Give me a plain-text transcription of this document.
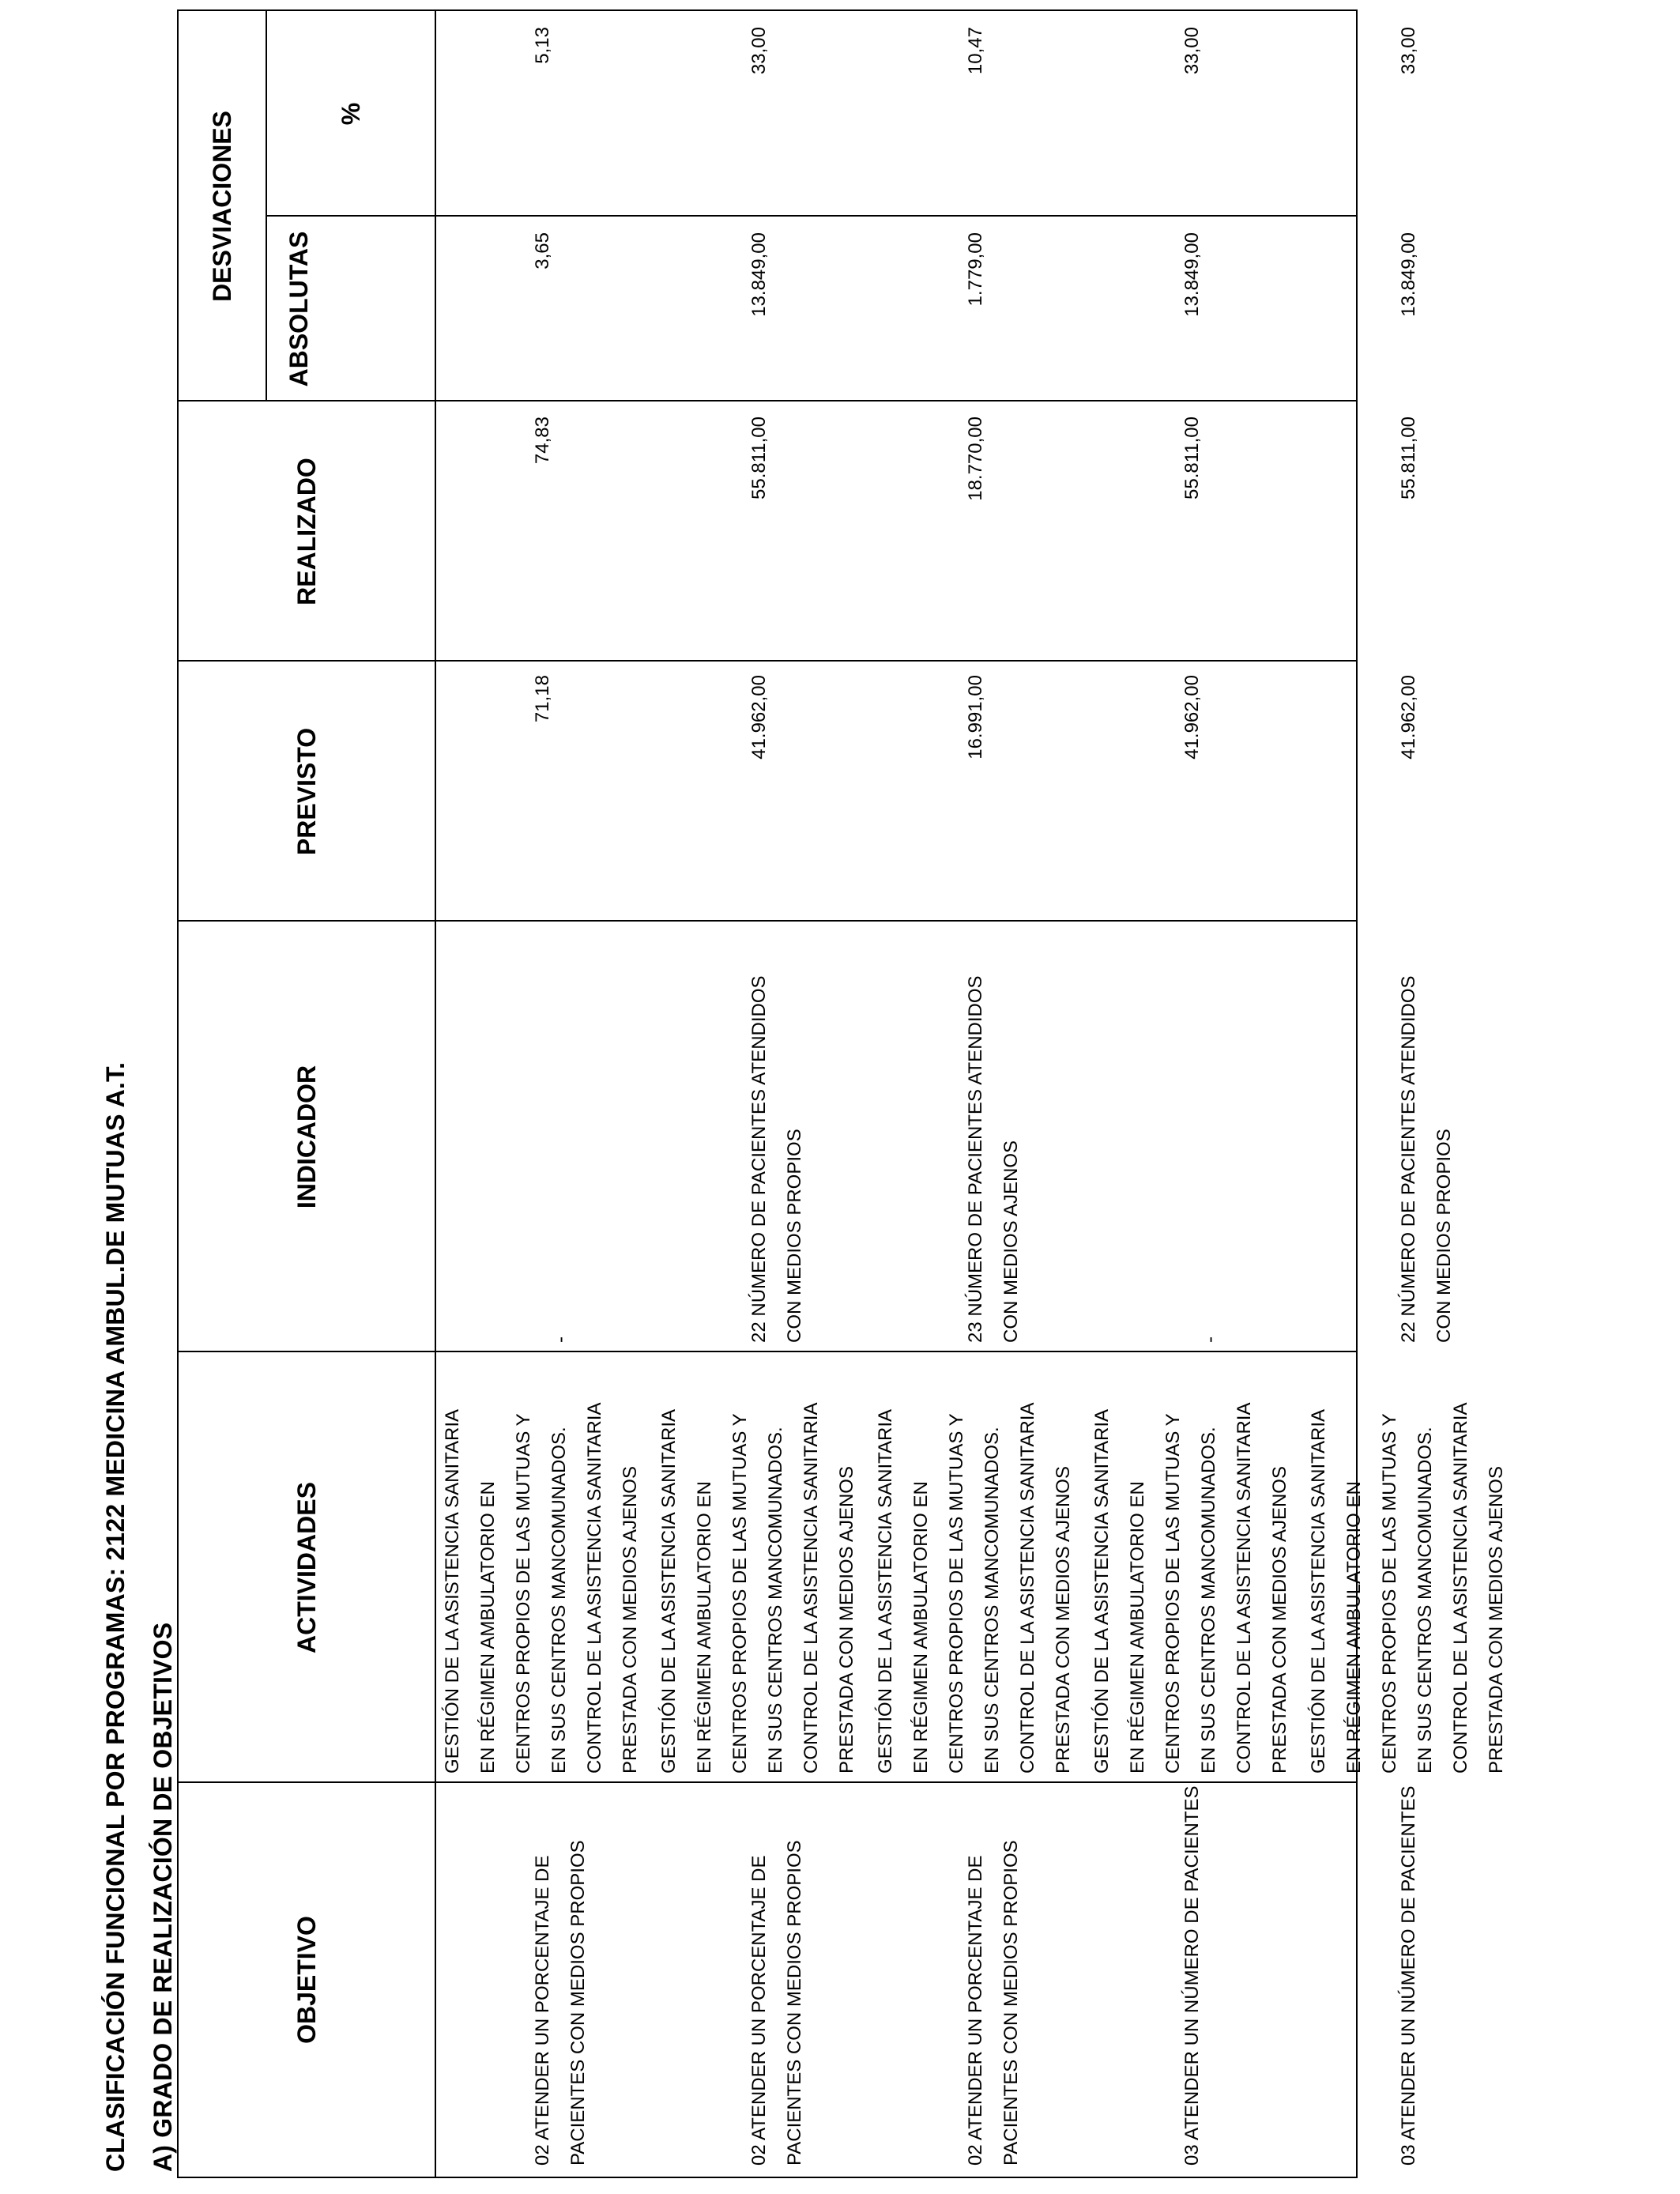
CLASIFICACIÓN FUNCIONAL POR PROGRAMAS: 2122 MEDICINA AMBUL.DE MUTUAS A.T. A) GRADO DE REALIZACIÓN DE OBJETIVOS	OBJETIVO
ACTIVIDADES
INDICADOR
PREVISTO
REALIZADO
DESVIACIONES
ABSOLUTAS
%
02 ATENDER UN PORCENTAJE DE PACIENTES CON MEDIOS PROPIOS
GESTIÓN DE LA ASISTENCIA SANITARIA EN RÉGIMEN AMBULATORIO EN CENTROS PROPIOS DE LAS MUTUAS Y EN SUS CENTROS MANCOMUNADOS. CONTROL DE LA ASISTENCIA SANITARIA PRESTADA CON MEDIOS AJENOS
-
71,18
74,83
3,65
5,13
02 ATENDER UN PORCENTAJE DE PACIENTES CON MEDIOS PROPIOS
GESTIÓN DE LA ASISTENCIA SANITARIA EN RÉGIMEN AMBULATORIO EN CENTROS PROPIOS DE LAS MUTUAS Y EN SUS CENTROS MANCOMUNADOS. CONTROL DE LA ASISTENCIA SANITARIA PRESTADA CON MEDIOS AJENOS
22 NÚMERO DE PACIENTES ATENDIDOS CON MEDIOS PROPIOS
41.962,00
55.811,00
13.849,00
33,00
02 ATENDER UN PORCENTAJE DE PACIENTES CON MEDIOS PROPIOS
GESTIÓN DE LA ASISTENCIA SANITARIA EN RÉGIMEN AMBULATORIO EN CENTROS PROPIOS DE LAS MUTUAS Y EN SUS CENTROS MANCOMUNADOS. CONTROL DE LA ASISTENCIA SANITARIA PRESTADA CON MEDIOS AJENOS
23 NÚMERO DE PACIENTES ATENDIDOS CON MEDIOS AJENOS
16.991,00
18.770,00
1.779,00
10,47
03 ATENDER UN NÚMERO DE PACIENTES
GESTIÓN DE LA ASISTENCIA SANITARIA EN RÉGIMEN AMBULATORIO EN CENTROS PROPIOS DE LAS MUTUAS Y EN SUS CENTROS MANCOMUNADOS. CONTROL DE LA ASISTENCIA SANITARIA PRESTADA CON MEDIOS AJENOS
-
41.962,00
55.811,00
13.849,00
33,00
03 ATENDER UN NÚMERO DE PACIENTES
GESTIÓN DE LA ASISTENCIA SANITARIA EN RÉGIMEN AMBULATORIO EN CENTROS PROPIOS DE LAS MUTUAS Y EN SUS CENTROS MANCOMUNADOS. CONTROL DE LA ASISTENCIA SANITARIA PRESTADA CON MEDIOS AJENOS
22 NÚMERO DE PACIENTES ATENDIDOS CON MEDIOS PROPIOS
41.962,00
55.811,00
13.849,00
33,00
